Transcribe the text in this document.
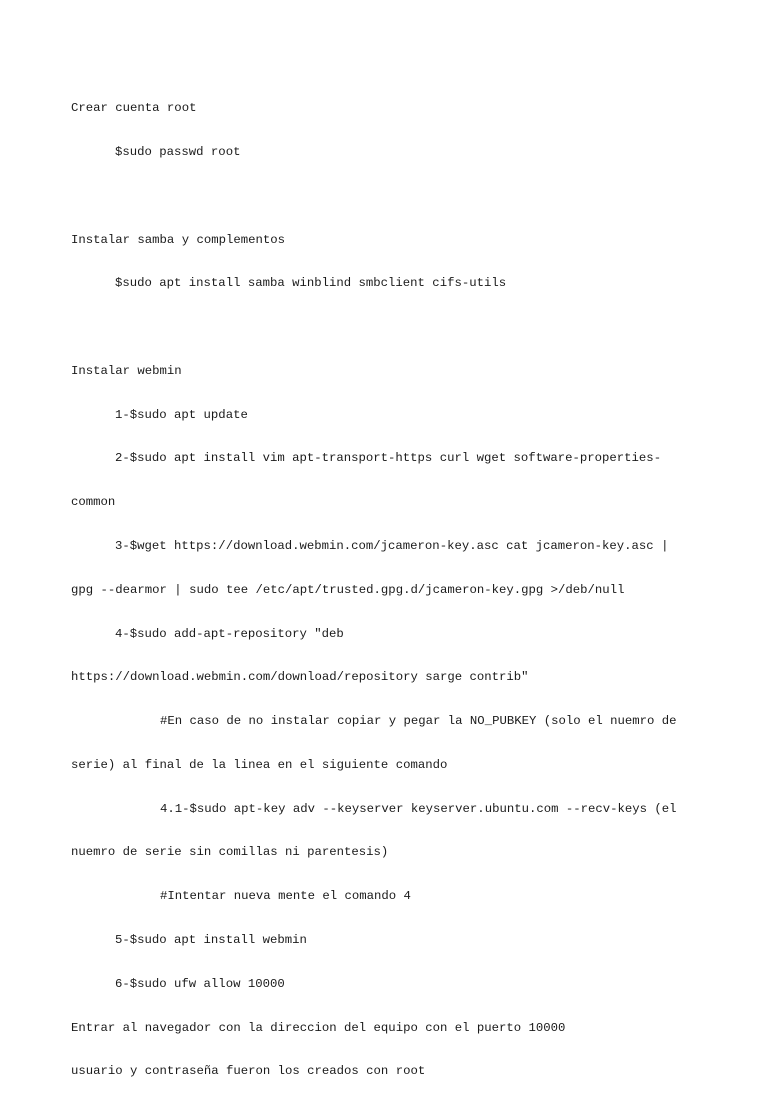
Crear cuenta root

$sudo passwd root

Instalar samba y complementos

$sudo apt install samba winblind smbclient cifs-utils

Instalar webmin

1-$sudo apt update

2-$sudo apt install vim apt-transport-https curl wget software-properties-

common

3-$wget https://download.webmin.com/jcameron-key.asc cat jcameron-key.asc |

gpg --dearmor | sudo tee /etc/apt/trusted.gpg.d/jcameron-key.gpg >/deb/null

4-$sudo add-apt-repository "deb

https://download.webmin.com/download/repository sarge contrib"

#En caso de no instalar copiar y pegar la NO_PUBKEY (solo el nuemro de

serie) al final de la linea en el siguiente comando

4.1-$sudo apt-key adv --keyserver keyserver.ubuntu.com --recv-keys (el

nuemro de serie sin comillas ni parentesis)

#Intentar nueva mente el comando 4

5-$sudo apt install webmin

6-$sudo ufw allow 10000

Entrar al navegador con la direccion del equipo con el puerto 10000

usuario y contraseña fueron los creados con root
